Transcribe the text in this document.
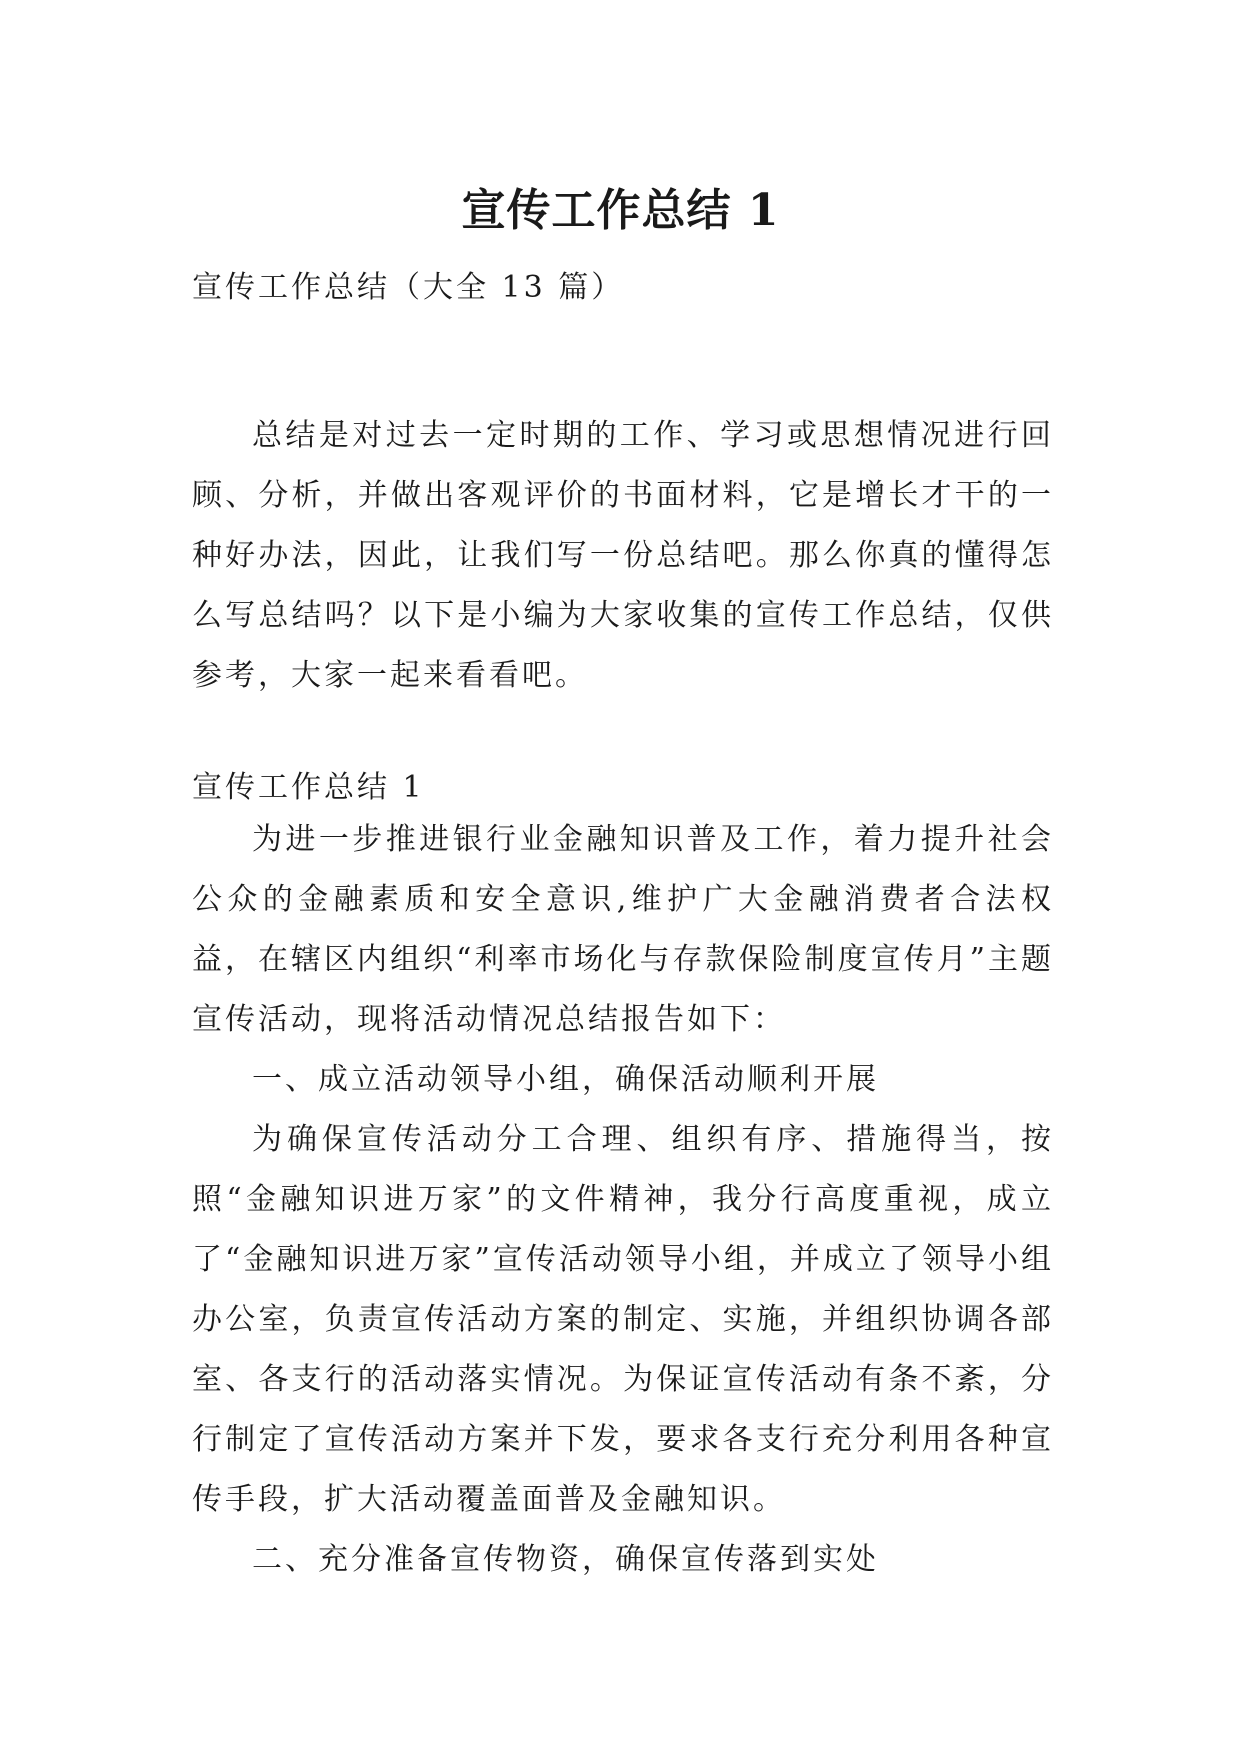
宣传工作总结 1
宣传工作总结（大全 13 篇）

总结是对过去一定时期的工作、学习或思想情况进行回顾、分析，并做出客观评价的书面材料，它是增长才干的一种好办法，因此，让我们写一份总结吧。那么你真的懂得怎么写总结吗？以下是小编为大家收集的宣传工作总结，仅供参考，大家一起来看看吧。

宣传工作总结 1

为进一步推进银行业金融知识普及工作，着力提升社会公众的金融素质和安全意识,维护广大金融消费者合法权益，在辖区内组织“利率市场化与存款保险制度宣传月”主题宣传活动，现将活动情况总结报告如下：

一、成立活动领导小组，确保活动顺利开展

为确保宣传活动分工合理、组织有序、措施得当，按照“金融知识进万家”的文件精神，我分行高度重视，成立了“金融知识进万家”宣传活动领导小组，并成立了领导小组办公室，负责宣传活动方案的制定、实施，并组织协调各部室、各支行的活动落实情况。为保证宣传活动有条不紊，分行制定了宣传活动方案并下发，要求各支行充分利用各种宣传手段，扩大活动覆盖面普及金融知识。

二、充分准备宣传物资，确保宣传落到实处
